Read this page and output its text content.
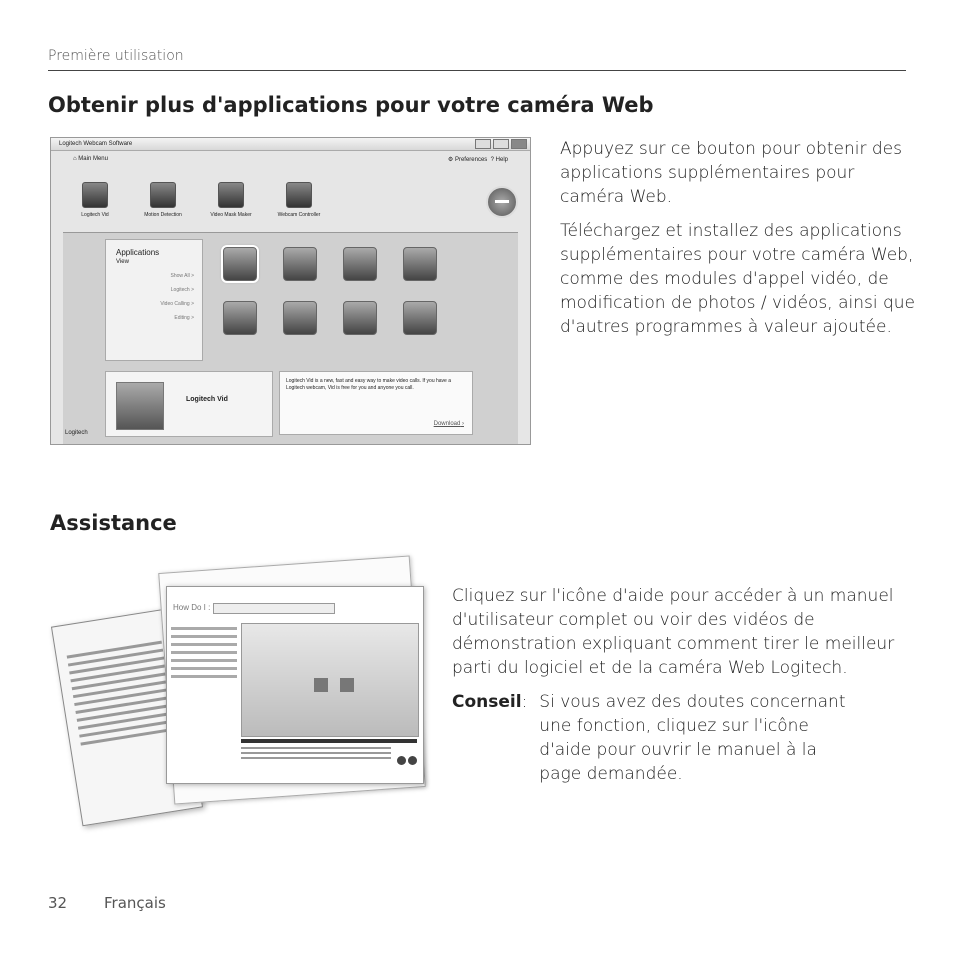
Première utilisation
Obtenir plus d'applications pour votre caméra Web
Logitech Webcam Software
⌂ Main Menu	⚙ Preferences  ? Help
Logitech Vid	Motion Detection	Video Mask Maker	Webcam Controller
Applications
View
Show All >
Logitech >
Video Calling >
Editing >
Logitech Vid
Logitech Vid is a new, fast and easy way to make video calls. If you have a Logitech webcam, Vid is free for you and anyone you call.
Download ›
Logitech

Appuyez sur ce bouton pour obtenir des applications supplémentaires pour caméra Web.

Téléchargez et installez des applications supplémentaires pour votre caméra Web, comme des modules d'appel vidéo, de modification de photos / vidéos, ainsi que d'autres programmes à valeur ajoutée.

Assistance
How Do I :

Cliquez sur l'icône d'aide pour accéder à un manuel d'utilisateur complet ou voir des vidéos de démonstration expliquant comment tirer le meilleur parti du logiciel et de la caméra Web Logitech.

Conseil : Si vous avez des doutes concernant une fonction, cliquez sur l'icône d'aide pour ouvrir le manuel à la page demandée.
32 Français
